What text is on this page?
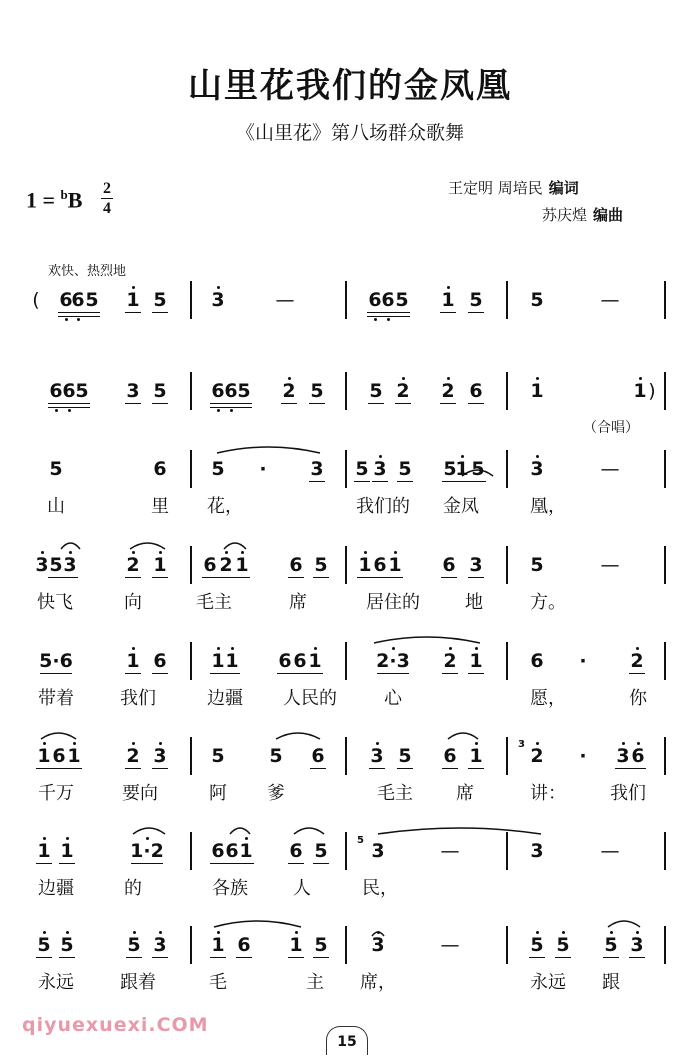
山里花我们的金凤凰
《山里花》第八场群众歌舞
1 = $^b$B 2
4
王定明 周培民 编词
苏庆煌 编曲
欢快、热烈地
（合唱）
(
)
6
6 5 1 5 3	—	6 6 5 1 5	5	—
6 6 5 3 5 6 6 5 2 5 5 2 2 6	1	1
5	6 5 · 3 5 3 5 5
1 5 3	—
山	里 花，	我们的 金凤	凰，
3 5 3	2 1 6 2 1 6 5 1 6 1 6 3	5	—
快飞	向	毛主	席	居住的	地	方。
5·6	1 6 1 1 6 6 1	2·3 2 1	6 · 2
带着	我们	边疆 人民的	心	愿，	你
1 6 1 2 3 5 5 6 3 5 6 1	2 · 3 6
千万	要向	阿 爹	毛主 席	讲： 我们
1 1	1·2	6 6 1 6 5 3	—	3	—
边疆	的	各族	人	民，
5 5	5 3 1 6 1 5 3	—	5 5 5 3
永远	跟着	毛	主 席，	永远 跟
3
5
qiyuexuexi.COM
15
